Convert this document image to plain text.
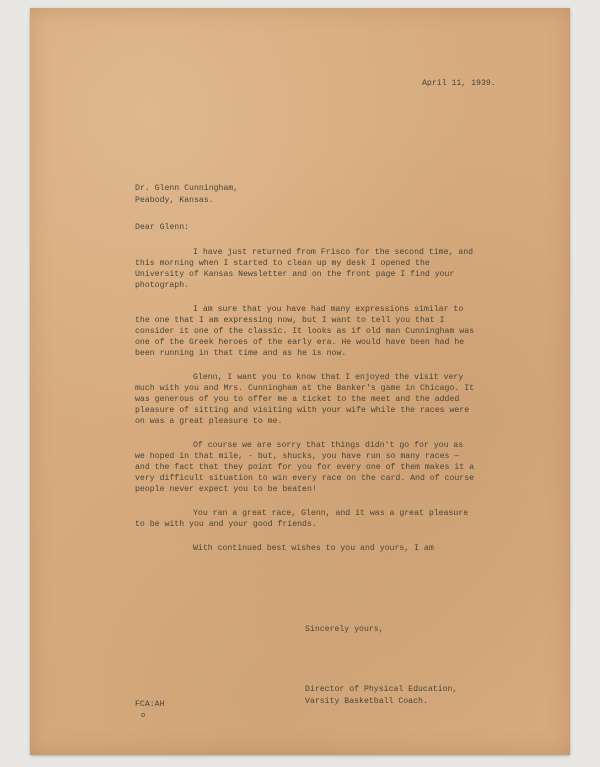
April 11, 1939.
Dr. Glenn Cunningham,
Peabody, Kansas.
Dear Glenn:

I have just returned from Frisco for the second time, and this morning when I started to clean up my desk I opened the University of Kansas Newsletter and on the front page I find your photograph.

I am sure that you have had many expressions similar to the one that I am expressing now, but I want to tell you that I consider it one of the classic. It looks as if old man Cunningham was one of the Greek heroes of the early era. He would have been had he been running in that time and as he is now.

Glenn, I want you to know that I enjoyed the visit very much with you and Mrs. Cunningham at the Banker's game in Chicago. It was generous of you to offer me a ticket to the meet and the added pleasure of sitting and visiting with your wife while the races were on was a great pleasure to me.

Of course we are sorry that things didn't go for you as we hoped in that mile, - but, shucks, you have run so many races — and the fact that they point for you for every one of them makes it a very difficult situation to win every race on the card. And of course people never expect you to be beaten!

You ran a great race, Glenn, and it was a great pleasure to be with you and your good friends.

With continued best wishes to you and yours, I am

Sincerely yours,
Director of Physical Education,
Varsity Basketball Coach.
FCA:AH
o
